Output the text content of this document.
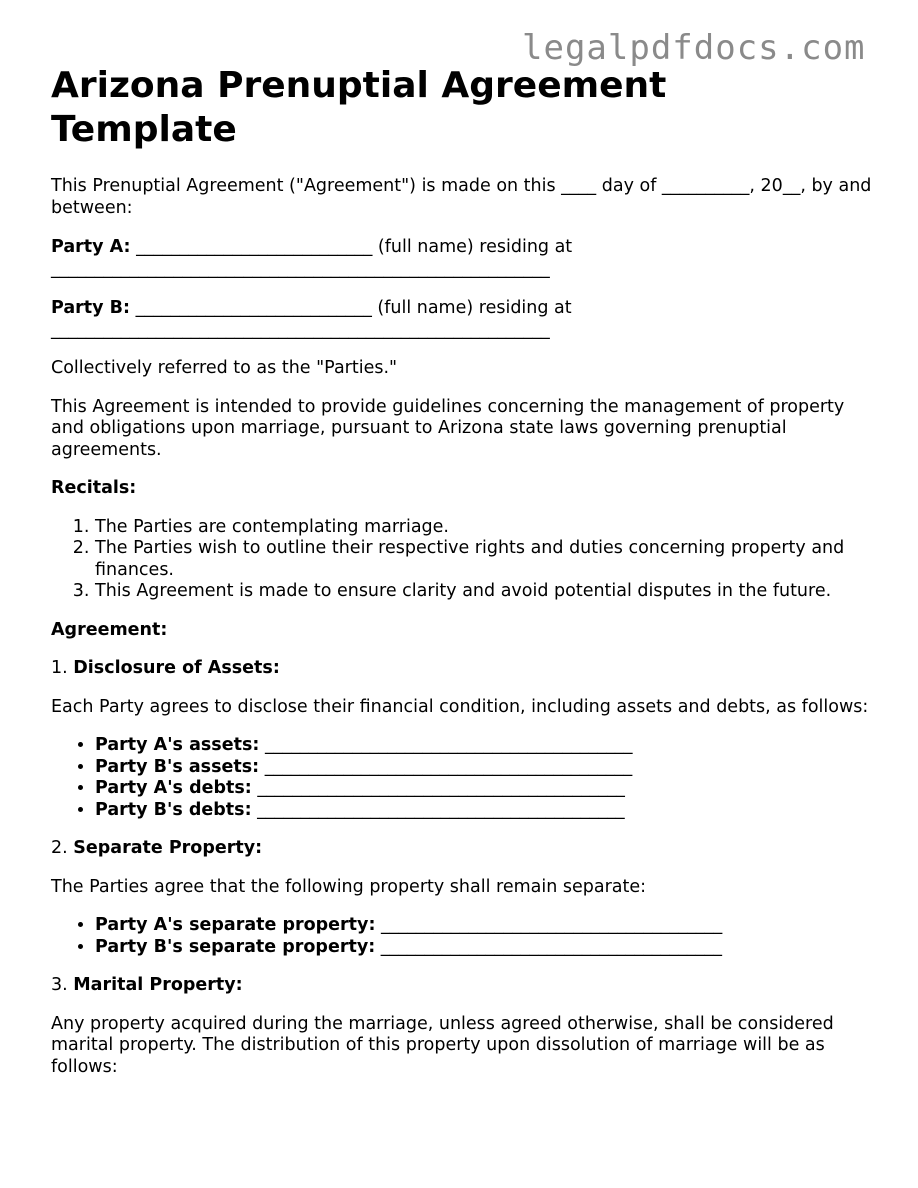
legalpdfdocs.com
Arizona Prenuptial Agreement Template

This Prenuptial Agreement ("Agreement") is made on this ____ day of __________, 20__, by and between:

Party A: ___________________________ (full name) residing at _________________________________________________________

Party B: ___________________________ (full name) residing at _________________________________________________________

Collectively referred to as the "Parties."

This Agreement is intended to provide guidelines concerning the management of property and obligations upon marriage, pursuant to Arizona state laws governing prenuptial agreements.

Recitals:

1. The Parties are contemplating marriage.
2. The Parties wish to outline their respective rights and duties concerning property and finances.
3. This Agreement is made to ensure clarity and avoid potential disputes in the future.

Agreement:

1. Disclosure of Assets:

Each Party agrees to disclose their financial condition, including assets and debts, as follows:

• Party A's assets: __________________________________________
• Party B's assets: __________________________________________
• Party A's debts: __________________________________________
• Party B's debts: __________________________________________

2. Separate Property:

The Parties agree that the following property shall remain separate:

• Party A's separate property: _______________________________________
• Party B's separate property: _______________________________________

3. Marital Property:

Any property acquired during the marriage, unless agreed otherwise, shall be considered marital property. The distribution of this property upon dissolution of marriage will be as follows:
